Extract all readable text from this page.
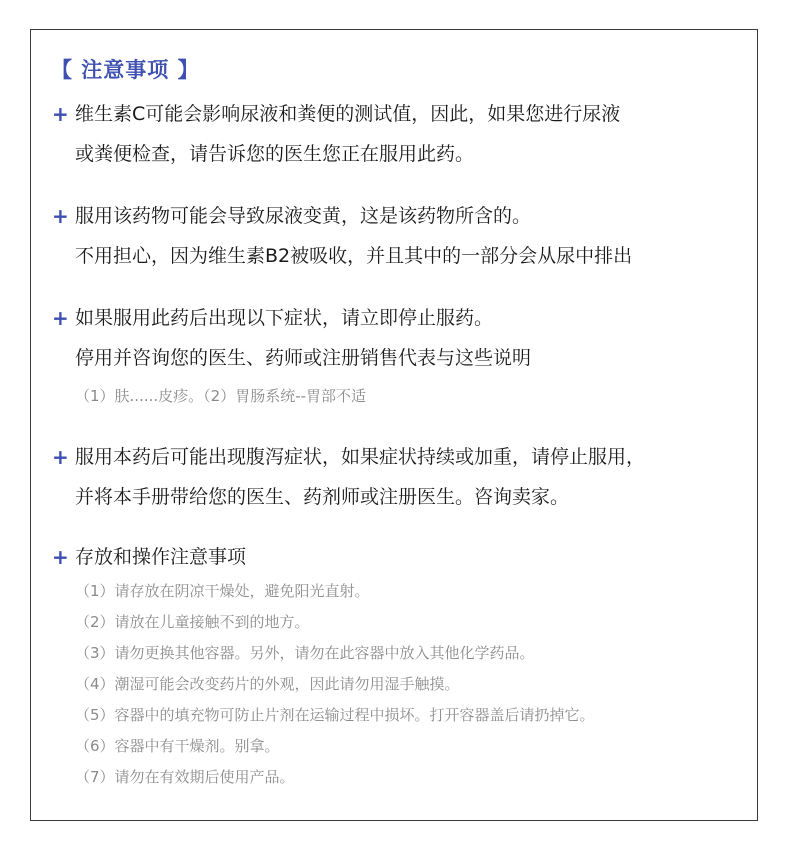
【 注意事项 】
+ 维生素C可能会影响尿液和粪便的测试值，因此，如果您进行尿液
或粪便检查，请告诉您的医生您正在服用此药。
+ 服用该药物可能会导致尿液变黄，这是该药物所含的。
不用担心，因为维生素B2被吸收，并且其中的一部分会从尿中排出
+ 如果服用此药后出现以下症状，请立即停止服药。
停用并咨询您的医生、药师或注册销售代表与这些说明
（1）肤......皮疹。（2）胃肠系统--胃部不适
+ 服用本药后可能出现腹泻症状，如果症状持续或加重，请停止服用，
并将本手册带给您的医生、药剂师或注册医生。咨询卖家。
+ 存放和操作注意事项
（1）请存放在阴凉干燥处，避免阳光直射。
（2）请放在儿童接触不到的地方。
（3）请勿更换其他容器。另外，请勿在此容器中放入其他化学药品。
（4）潮湿可能会改变药片的外观，因此请勿用湿手触摸。
（5）容器中的填充物可防止片剂在运输过程中损坏。打开容器盖后请扔掉它。
（6）容器中有干燥剂。别拿。
（7）请勿在有效期后使用产品。
